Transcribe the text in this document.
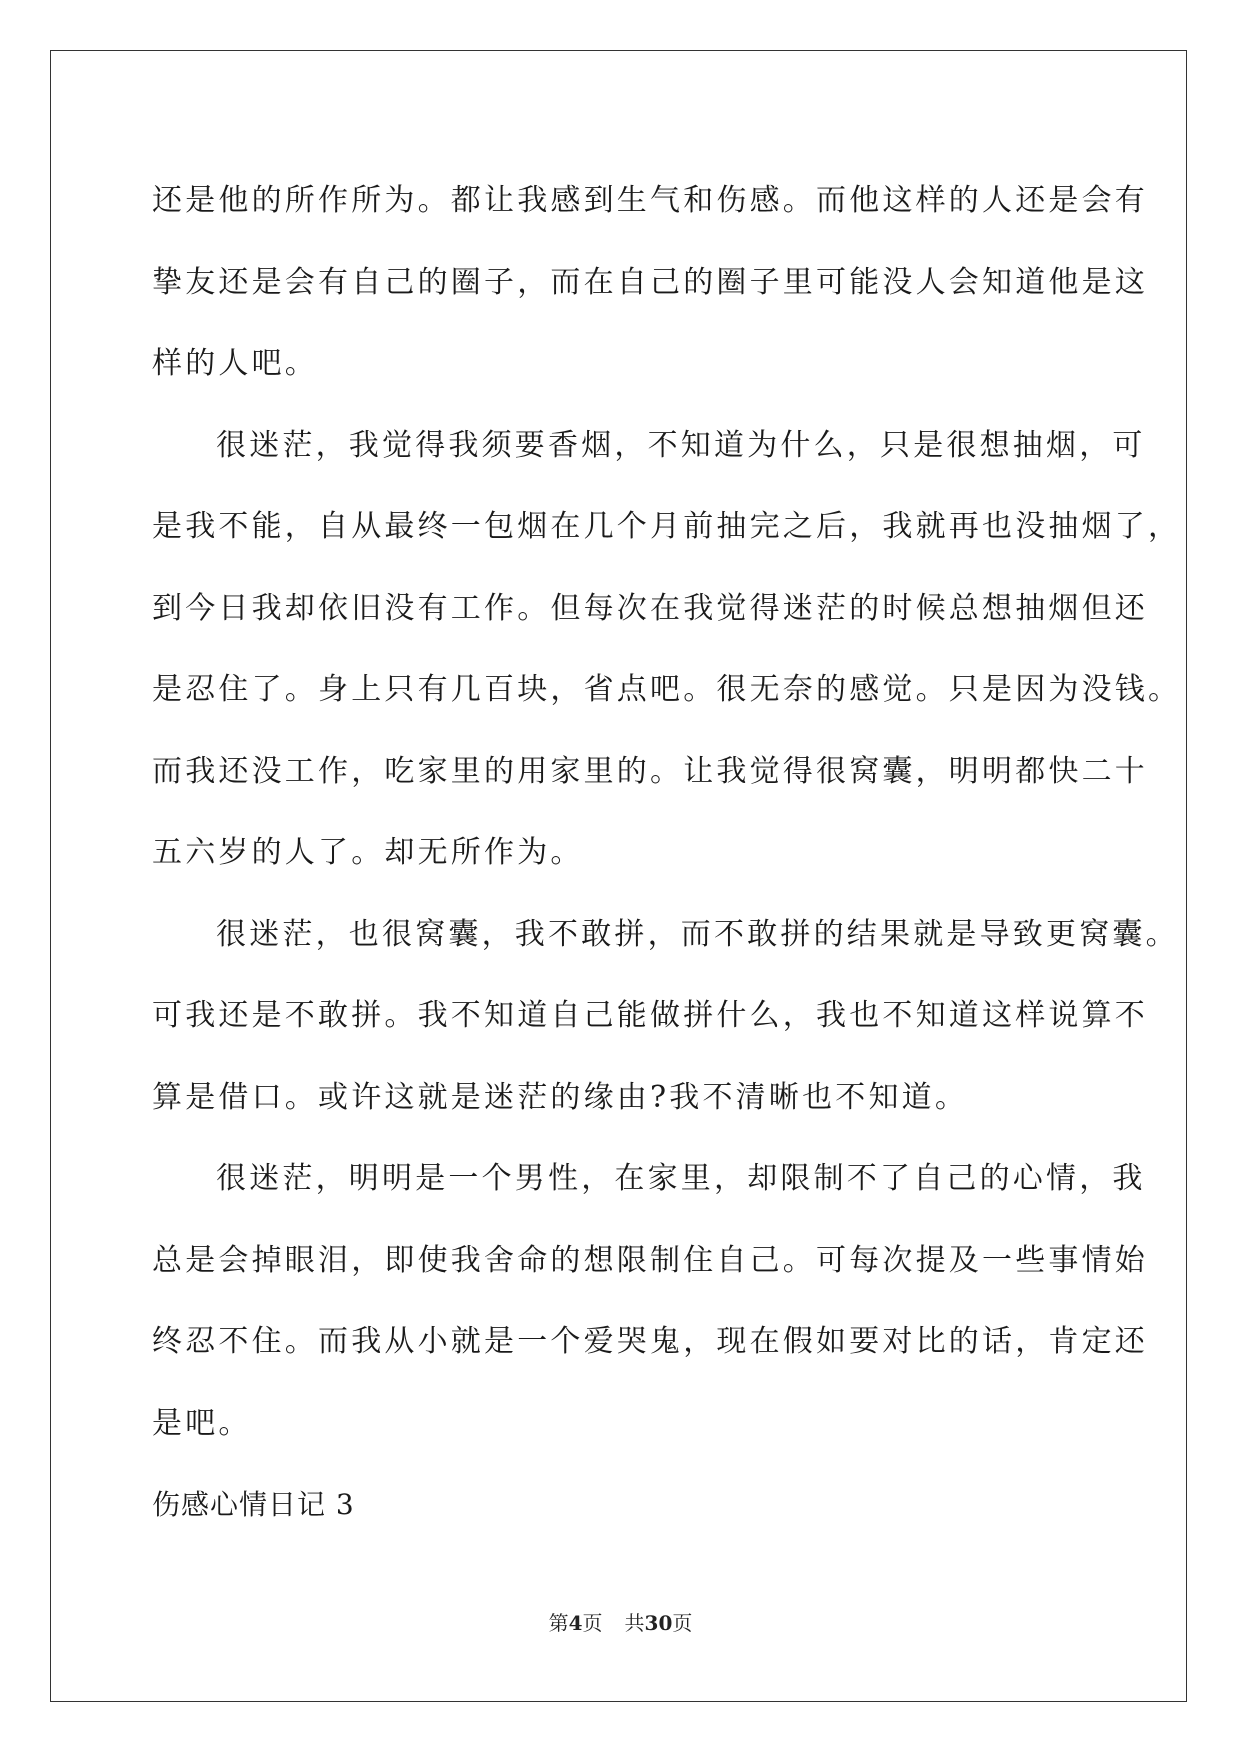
还是他的所作所为。都让我感到生气和伤感。而他这样的人还是会有
挚友还是会有自己的圈子，而在自己的圈子里可能没人会知道他是这
样的人吧。
很迷茫，我觉得我须要香烟，不知道为什么，只是很想抽烟，可
是我不能，自从最终一包烟在几个月前抽完之后，我就再也没抽烟了，
到今日我却依旧没有工作。但每次在我觉得迷茫的时候总想抽烟但还
是忍住了。身上只有几百块，省点吧。很无奈的感觉。只是因为没钱。
而我还没工作，吃家里的用家里的。让我觉得很窝囊，明明都快二十
五六岁的人了。却无所作为。
很迷茫，也很窝囊，我不敢拼，而不敢拼的结果就是导致更窝囊。
可我还是不敢拼。我不知道自己能做拼什么，我也不知道这样说算不
算是借口。或许这就是迷茫的缘由?我不清晰也不知道。
很迷茫，明明是一个男性，在家里，却限制不了自己的心情，我
总是会掉眼泪，即使我舍命的想限制住自己。可每次提及一些事情始
终忍不住。而我从小就是一个爱哭鬼，现在假如要对比的话，肯定还
是吧。
伤感心情日记 3
第4页 共30页
